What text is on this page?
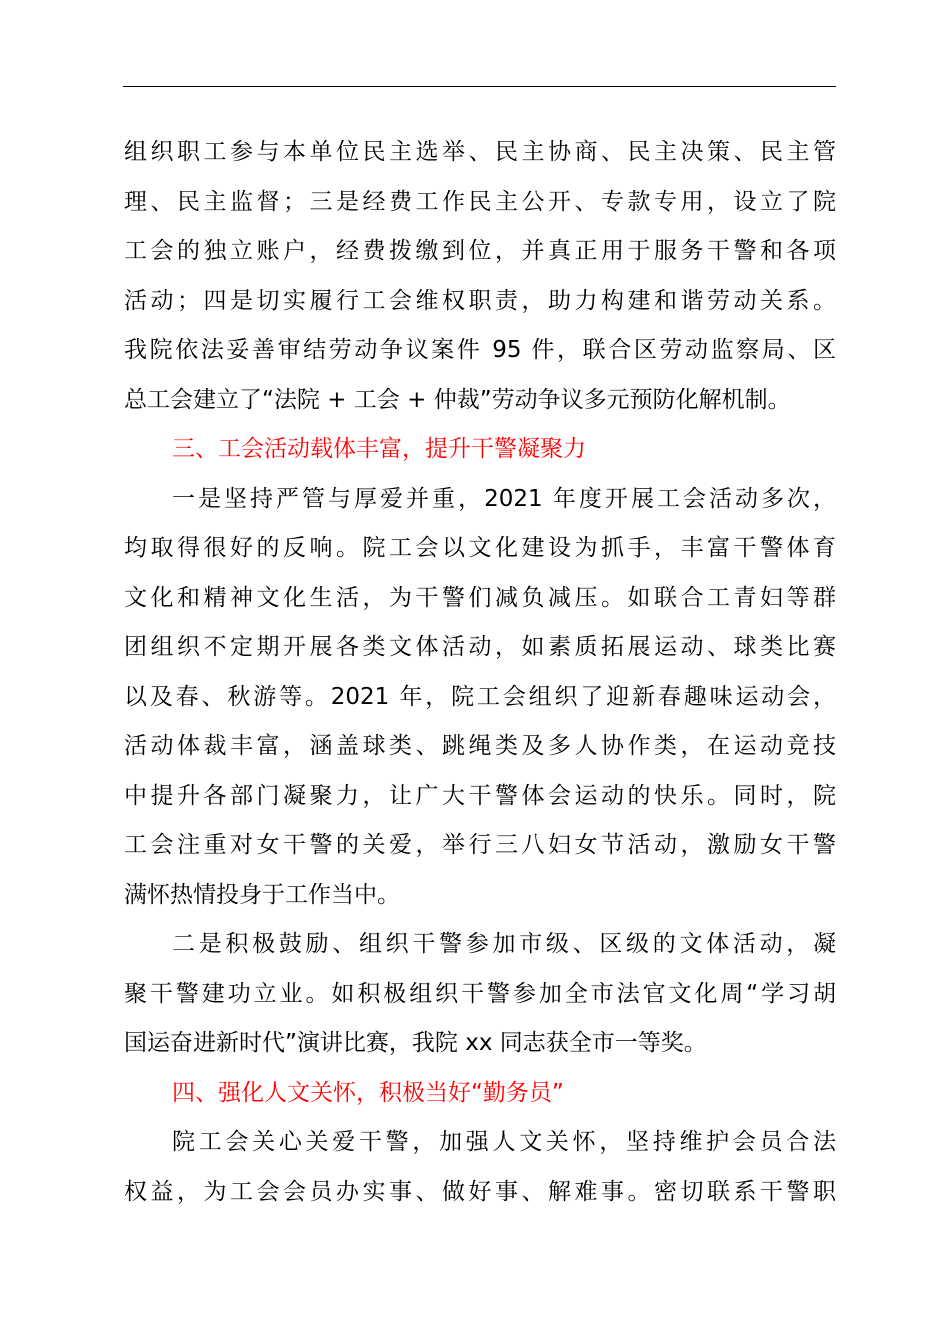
组织职工参与本单位民主选举、民主协商、民主决策、民主管
理、民主监督；三是经费工作民主公开、专款专用，设立了院
工会的独立账户，经费拨缴到位，并真正用于服务干警和各项
活动；四是切实履行工会维权职责，助力构建和谐劳动关系。
我院依法妥善审结劳动争议案件 95 件，联合区劳动监察局、区
总工会建立了“法院 + 工会 + 仲裁”劳动争议多元预防化解机制。
三、工会活动载体丰富，提升干警凝聚力
一是坚持严管与厚爱并重，2021 年度开展工会活动多次，
均取得很好的反响。院工会以文化建设为抓手，丰富干警体育
文化和精神文化生活，为干警们减负减压。如联合工青妇等群
团组织不定期开展各类文体活动，如素质拓展运动、球类比赛
以及春、秋游等。2021 年，院工会组织了迎新春趣味运动会，
活动体裁丰富，涵盖球类、跳绳类及多人协作类，在运动竞技
中提升各部门凝聚力，让广大干警体会运动的快乐。同时，院
工会注重对女干警的关爱，举行三八妇女节活动，激励女干警
满怀热情投身于工作当中。
二是积极鼓励、组织干警参加市级、区级的文体活动，凝
聚干警建功立业。如积极组织干警参加全市法官文化周“学习胡
国运奋进新时代”演讲比赛，我院 xx 同志获全市一等奖。
四、强化人文关怀，积极当好“勤务员”
院工会关心关爱干警，加强人文关怀，坚持维护会员合法
权益，为工会会员办实事、做好事、解难事。密切联系干警职
